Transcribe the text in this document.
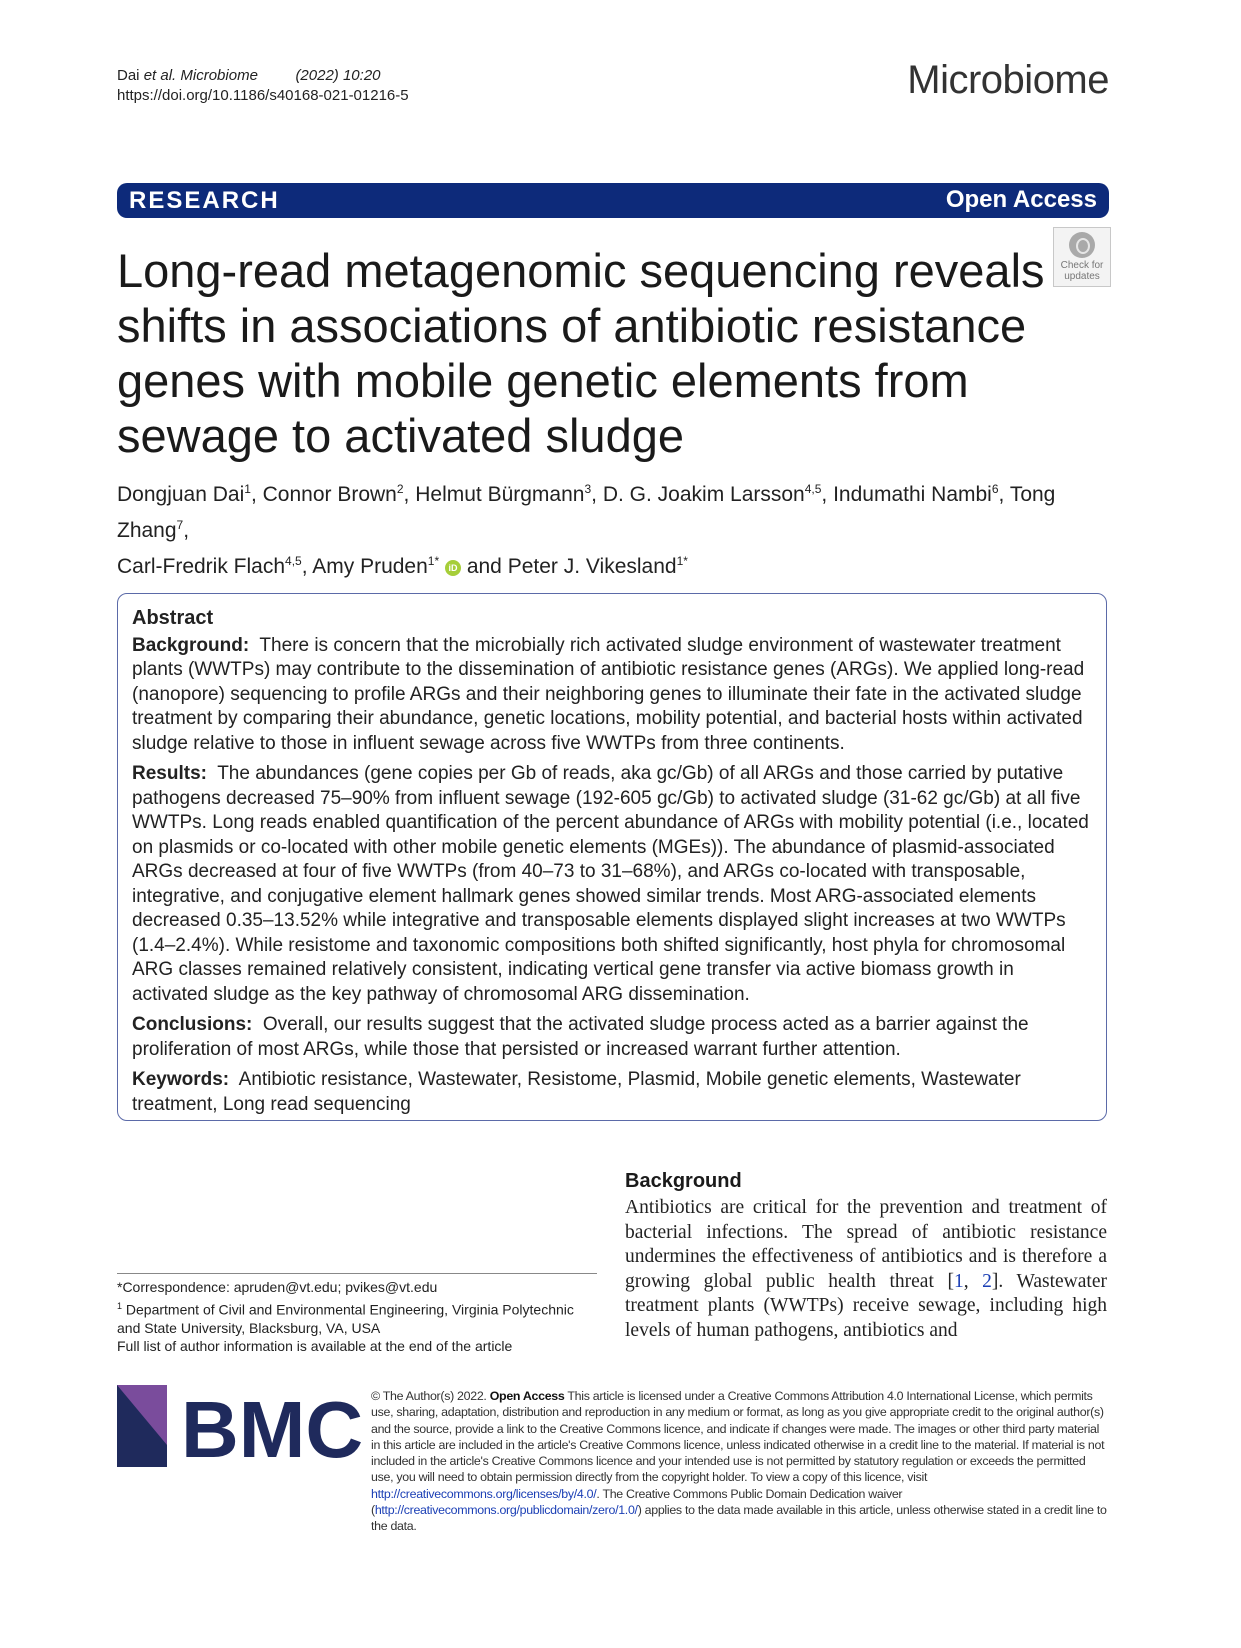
Dai et al. Microbiome	(2022) 10:20
https://doi.org/10.1186/s40168-021-01216-5	Microbiome
RESEARCH	Open Access
Check for
updates
Long-read metagenomic sequencing reveals shifts in associations of antibiotic resistance genes with mobile genetic elements from sewage to activated sludge
Dongjuan Dai$^1$, Connor Brown$^2$, Helmut Bürgmann$^3$, D. G. Joakim Larsson$^{4,5}$, Indumathi Nambi$^6$, Tong Zhang$^7$,
Carl-Fredrik Flach$^{4,5}$, Amy Pruden$^{1*}$ iD and Peter J. Vikesland$^{1*}$
Abstract

Background: There is concern that the microbially rich activated sludge environment of wastewater treatment plants (WWTPs) may contribute to the dissemination of antibiotic resistance genes (ARGs). We applied long-read (nanopore) sequencing to profile ARGs and their neighboring genes to illuminate their fate in the activated sludge treatment by comparing their abundance, genetic locations, mobility potential, and bacterial hosts within activated sludge relative to those in influent sewage across five WWTPs from three continents.

Results: The abundances (gene copies per Gb of reads, aka gc/Gb) of all ARGs and those carried by putative pathogens decreased 75–90% from influent sewage (192-605 gc/Gb) to activated sludge (31-62 gc/Gb) at all five WWTPs. Long reads enabled quantification of the percent abundance of ARGs with mobility potential (i.e., located on plasmids or co-located with other mobile genetic elements (MGEs)). The abundance of plasmid-associated ARGs decreased at four of five WWTPs (from 40–73 to 31–68%), and ARGs co-located with transposable, integrative, and conjugative element hallmark genes showed similar trends. Most ARG-associated elements decreased 0.35–13.52% while integrative and transposable elements displayed slight increases at two WWTPs (1.4–2.4%). While resistome and taxonomic compositions both shifted significantly, host phyla for chromosomal ARG classes remained relatively consistent, indicating vertical gene transfer via active biomass growth in activated sludge as the key pathway of chromosomal ARG dissemination.

Conclusions: Overall, our results suggest that the activated sludge process acted as a barrier against the proliferation of most ARGs, while those that persisted or increased warrant further attention.

Keywords: Antibiotic resistance, Wastewater, Resistome, Plasmid, Mobile genetic elements, Wastewater treatment, Long read sequencing

*Correspondence: apruden@vt.edu; pvikes@vt.edu
$^1$ Department of Civil and Environmental Engineering, Virginia Polytechnic and State University, Blacksburg, VA, USA
Full list of author information is available at the end of the article
Background
Antibiotics are critical for the prevention and treatment of bacterial infections. The spread of antibiotic resistance undermines the effectiveness of antibiotics and is therefore a growing global public health threat [1, 2]. Wastewater treatment plants (WWTPs) receive sewage, including high levels of human pathogens, antibiotics and
BMC © The Author(s) 2022. Open Access This article is licensed under a Creative Commons Attribution 4.0 International License, which permits use, sharing, adaptation, distribution and reproduction in any medium or format, as long as you give appropriate credit to the original author(s) and the source, provide a link to the Creative Commons licence, and indicate if changes were made. The images or other third party material in this article are included in the article's Creative Commons licence, unless indicated otherwise in a credit line to the material. If material is not included in the article's Creative Commons licence and your intended use is not permitted by statutory regulation or exceeds the permitted use, you will need to obtain permission directly from the copyright holder. To view a copy of this licence, visit http://creativecommons.org/licenses/by/4.0/. The Creative Commons Public Domain Dedication waiver (http://creativecommons.org/publicdomain/zero/1.0/) applies to the data made available in this article, unless otherwise stated in a credit line to the data.
